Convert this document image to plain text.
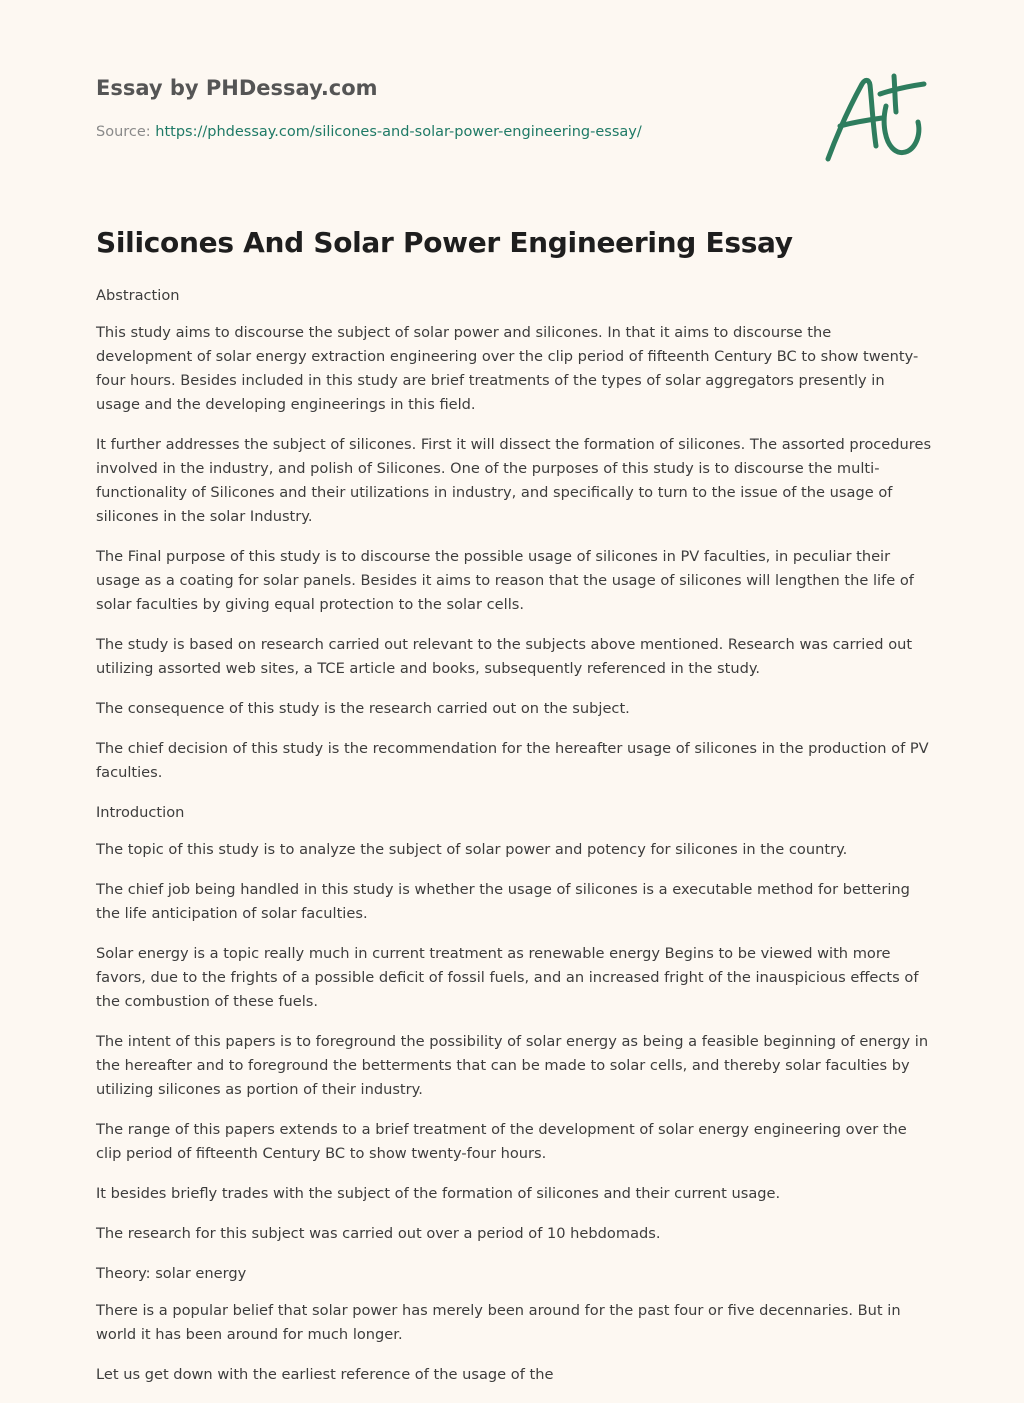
Essay by PHDessay.com
Source: https://phdessay.com/silicones-and-solar-power-engineering-essay/
Silicones And Solar Power Engineering Essay

Abstraction

This study aims to discourse the subject of solar power and silicones. In that it aims to discourse the development of solar energy extraction engineering over the clip period of fifteenth Century BC to show twenty-four hours. Besides included in this study are brief treatments of the types of solar aggregators presently in usage and the developing engineerings in this field.

It further addresses the subject of silicones. First it will dissect the formation of silicones. The assorted procedures involved in the industry, and polish of Silicones. One of the purposes of this study is to discourse the multi-functionality of Silicones and their utilizations in industry, and specifically to turn to the issue of the usage of silicones in the solar Industry.

The Final purpose of this study is to discourse the possible usage of silicones in PV faculties, in peculiar their usage as a coating for solar panels. Besides it aims to reason that the usage of silicones will lengthen the life of solar faculties by giving equal protection to the solar cells.

The study is based on research carried out relevant to the subjects above mentioned. Research was carried out utilizing assorted web sites, a TCE article and books, subsequently referenced in the study.

The consequence of this study is the research carried out on the subject.

The chief decision of this study is the recommendation for the hereafter usage of silicones in the production of PV faculties.

Introduction

The topic of this study is to analyze the subject of solar power and potency for silicones in the country.

The chief job being handled in this study is whether the usage of silicones is a executable method for bettering the life anticipation of solar faculties.

Solar energy is a topic really much in current treatment as renewable energy Begins to be viewed with more favors, due to the frights of a possible deficit of fossil fuels, and an increased fright of the inauspicious effects of the combustion of these fuels.

The intent of this papers is to foreground the possibility of solar energy as being a feasible beginning of energy in the hereafter and to foreground the betterments that can be made to solar cells, and thereby solar faculties by utilizing silicones as portion of their industry.

The range of this papers extends to a brief treatment of the development of solar energy engineering over the clip period of fifteenth Century BC to show twenty-four hours.

It besides briefly trades with the subject of the formation of silicones and their current usage.

The research for this subject was carried out over a period of 10 hebdomads.

Theory: solar energy

There is a popular belief that solar power has merely been around for the past four or five decennaries. But in world it has been around for much longer.

Let us get down with the earliest reference of the usage of the
